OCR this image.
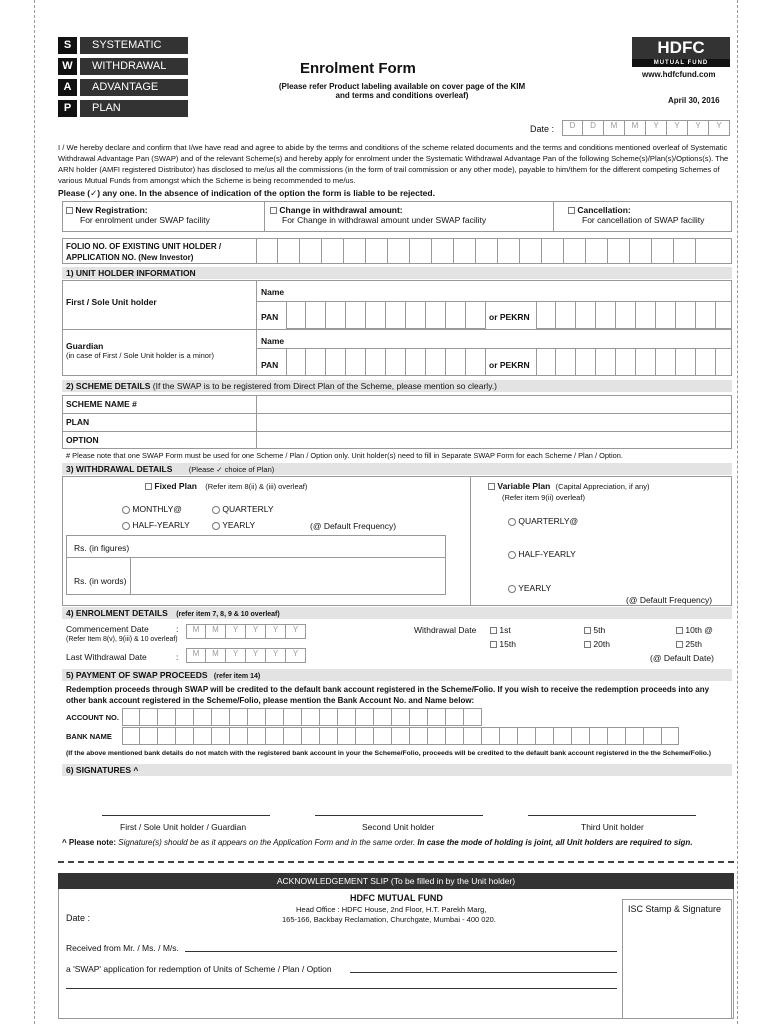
S	SYSTEMATIC
W	WITHDRAWAL
A	ADVANTAGE
P	PLAN
Enrolment Form
(Please refer Product labeling available on cover page of the KIM and terms and conditions overleaf)
HDFC
MUTUAL FUND
www.hdfcfund.com
April 30, 2016
Date :	D	D	M	M	Y	Y	Y	Y
I / We hereby declare and confirm that I/we have read and agree to abide by the terms and conditions of the scheme related documents and the terms and conditions mentioned overleaf of Systematic Withdrawal Advantage Pan (SWAP) and of the relevant Scheme(s) and hereby apply for enrolment under the Systematic Withdrawal Advantage Pan of the following Scheme(s)/Plan(s)/Options(s). The ARN holder (AMFI registered Distributor) has disclosed to me/us all the commissions (in the form of trail commission or any other mode), payable to him/them for the different competing Schemes of various Mutual Funds from amongst which the Scheme is being recommended to me/us.
Please (✓) any one. In the absence of indication of the option the form is liable to be rejected.
New Registration:
For enrolment under SWAP facility
Change in withdrawal amount:
For Change in withdrawal amount under SWAP facility
Cancellation:
For cancellation of SWAP facility
FOLIO NO. OF EXISTING UNIT HOLDER / APPLICATION NO. (New Investor)
1) UNIT HOLDER INFORMATION
First / Sole Unit holder
Name
PAN	or PEKRN
Guardian
(in case of First / Sole Unit holder is a minor)
Name
PAN	or PEKRN
2) SCHEME DETAILS (If the SWAP is to be registered from Direct Plan of the Scheme, please mention so clearly.)
SCHEME NAME #
PLAN
OPTION
# Please note that one SWAP Form must be used for one Scheme / Plan / Option only. Unit holder(s) need to fill in Separate SWAP Form for each Scheme / Plan / Option.
3) WITHDRAWAL DETAILS (Please ✓ choice of Plan)
Fixed Plan (Refer item 8(ii) & (iii) overleaf)
MONTHLY@	QUARTERLY
HALF-YEARLY	YEARLY	(@ Default Frequency)
Rs. (in figures)
Rs. (in words)
Variable Plan (Capital Appreciation, if any)
(Refer item 9(ii) overleaf)
QUARTERLY@
HALF-YEARLY
YEARLY
(@ Default Frequency)
4) ENROLMENT DETAILS (refer item 7, 8, 9 & 10 overleaf)
Commencement Date	:
(Refer Item 8(v), 9(iii) & 10 overleaf)
M	M	Y	Y	Y	Y
Last Withdrawal Date	:	M	M	Y	Y	Y	Y
Withdrawal Date	1st	5th	10th @
15th	20th	25th
(@ Default Date)
5) PAYMENT OF SWAP PROCEEDS (refer item 14)
Redemption proceeds through SWAP will be credited to the default bank account registered in the Scheme/Folio. If you wish to receive the redemption proceeds into any other bank account registered in the Scheme/Folio, please mention the Bank Account No. and Name below:
ACCOUNT NO.
BANK NAME
(If the above mentioned bank details do not match with the registered bank account in your the Scheme/Folio, proceeds will be credited to the default bank account registered in the the Scheme/Folio.)
6) SIGNATURES ^
First / Sole Unit holder / Guardian	Second Unit holder	Third Unit holder
^ Please note: Signature(s) should be as it appears on the Application Form and in the same order. In case the mode of holding is joint, all Unit holders are required to sign.
ACKNOWLEDGEMENT SLIP (To be filled in by the Unit holder)
HDFC MUTUAL FUND
Head Office : HDFC House, 2nd Floor, H.T. Parekh Marg,
165-166, Backbay Reclamation, Churchgate, Mumbai - 400 020.
Date :
ISC Stamp & Signature
Received from Mr. / Ms. / M/s.
a 'SWAP' application for redemption of Units of Scheme / Plan / Option
